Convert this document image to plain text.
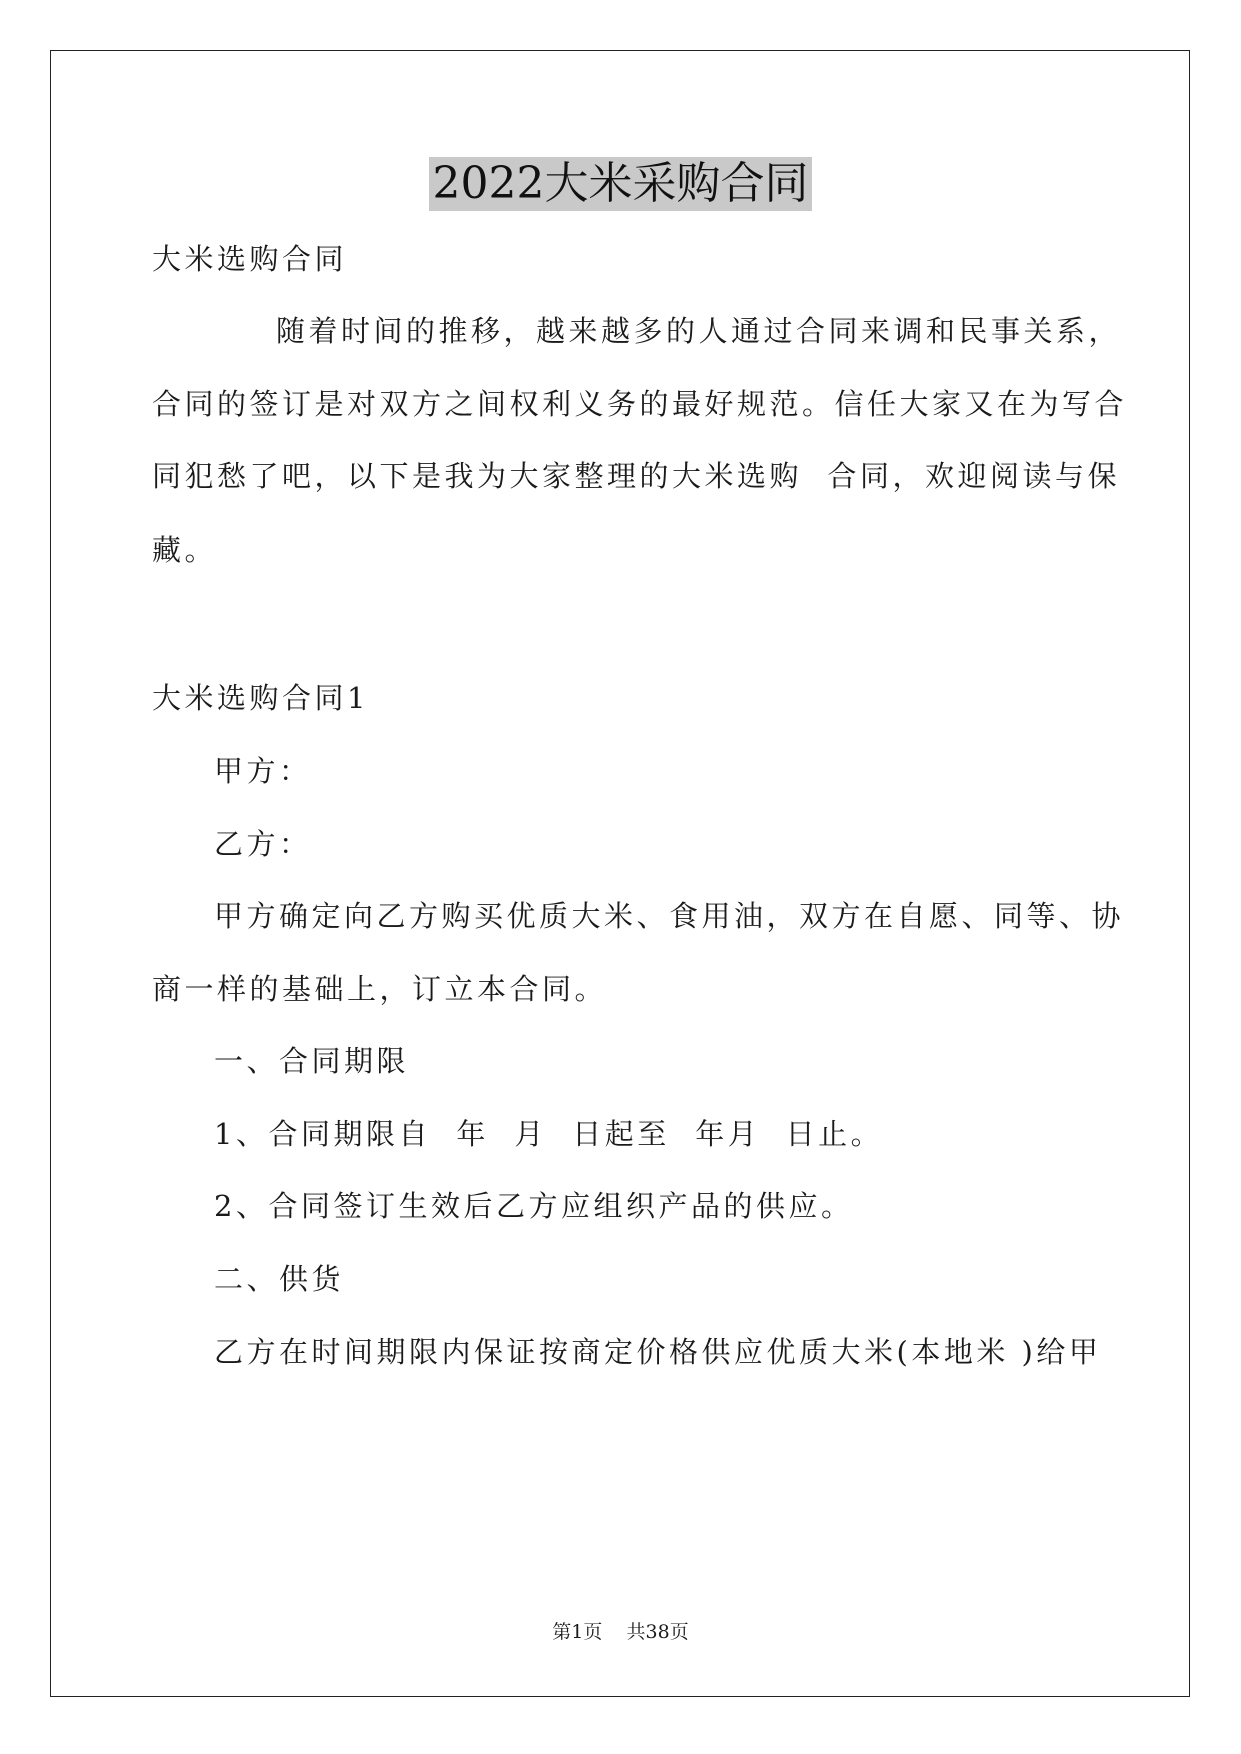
2022大米采购合同
大米选购合同
随着时间的推移，越来越多的人通过合同来调和民事关系，
合同的签订是对双方之间权利义务的最好规范。信任大家又在为写合
同犯愁了吧，以下是我为大家整理的大米选购  合同，欢迎阅读与保
藏。
大米选购合同1
甲方：
乙方：
甲方确定向乙方购买优质大米、食用油，双方在自愿、同等、协
商一样的基础上，订立本合同。
一、合同期限
1、合同期限自  年  月  日起至  年月  日止。
2、合同签订生效后乙方应组织产品的供应。
二、供货
乙方在时间期限内保证按商定价格供应优质大米(本地米 )给甲
第1页    共38页
